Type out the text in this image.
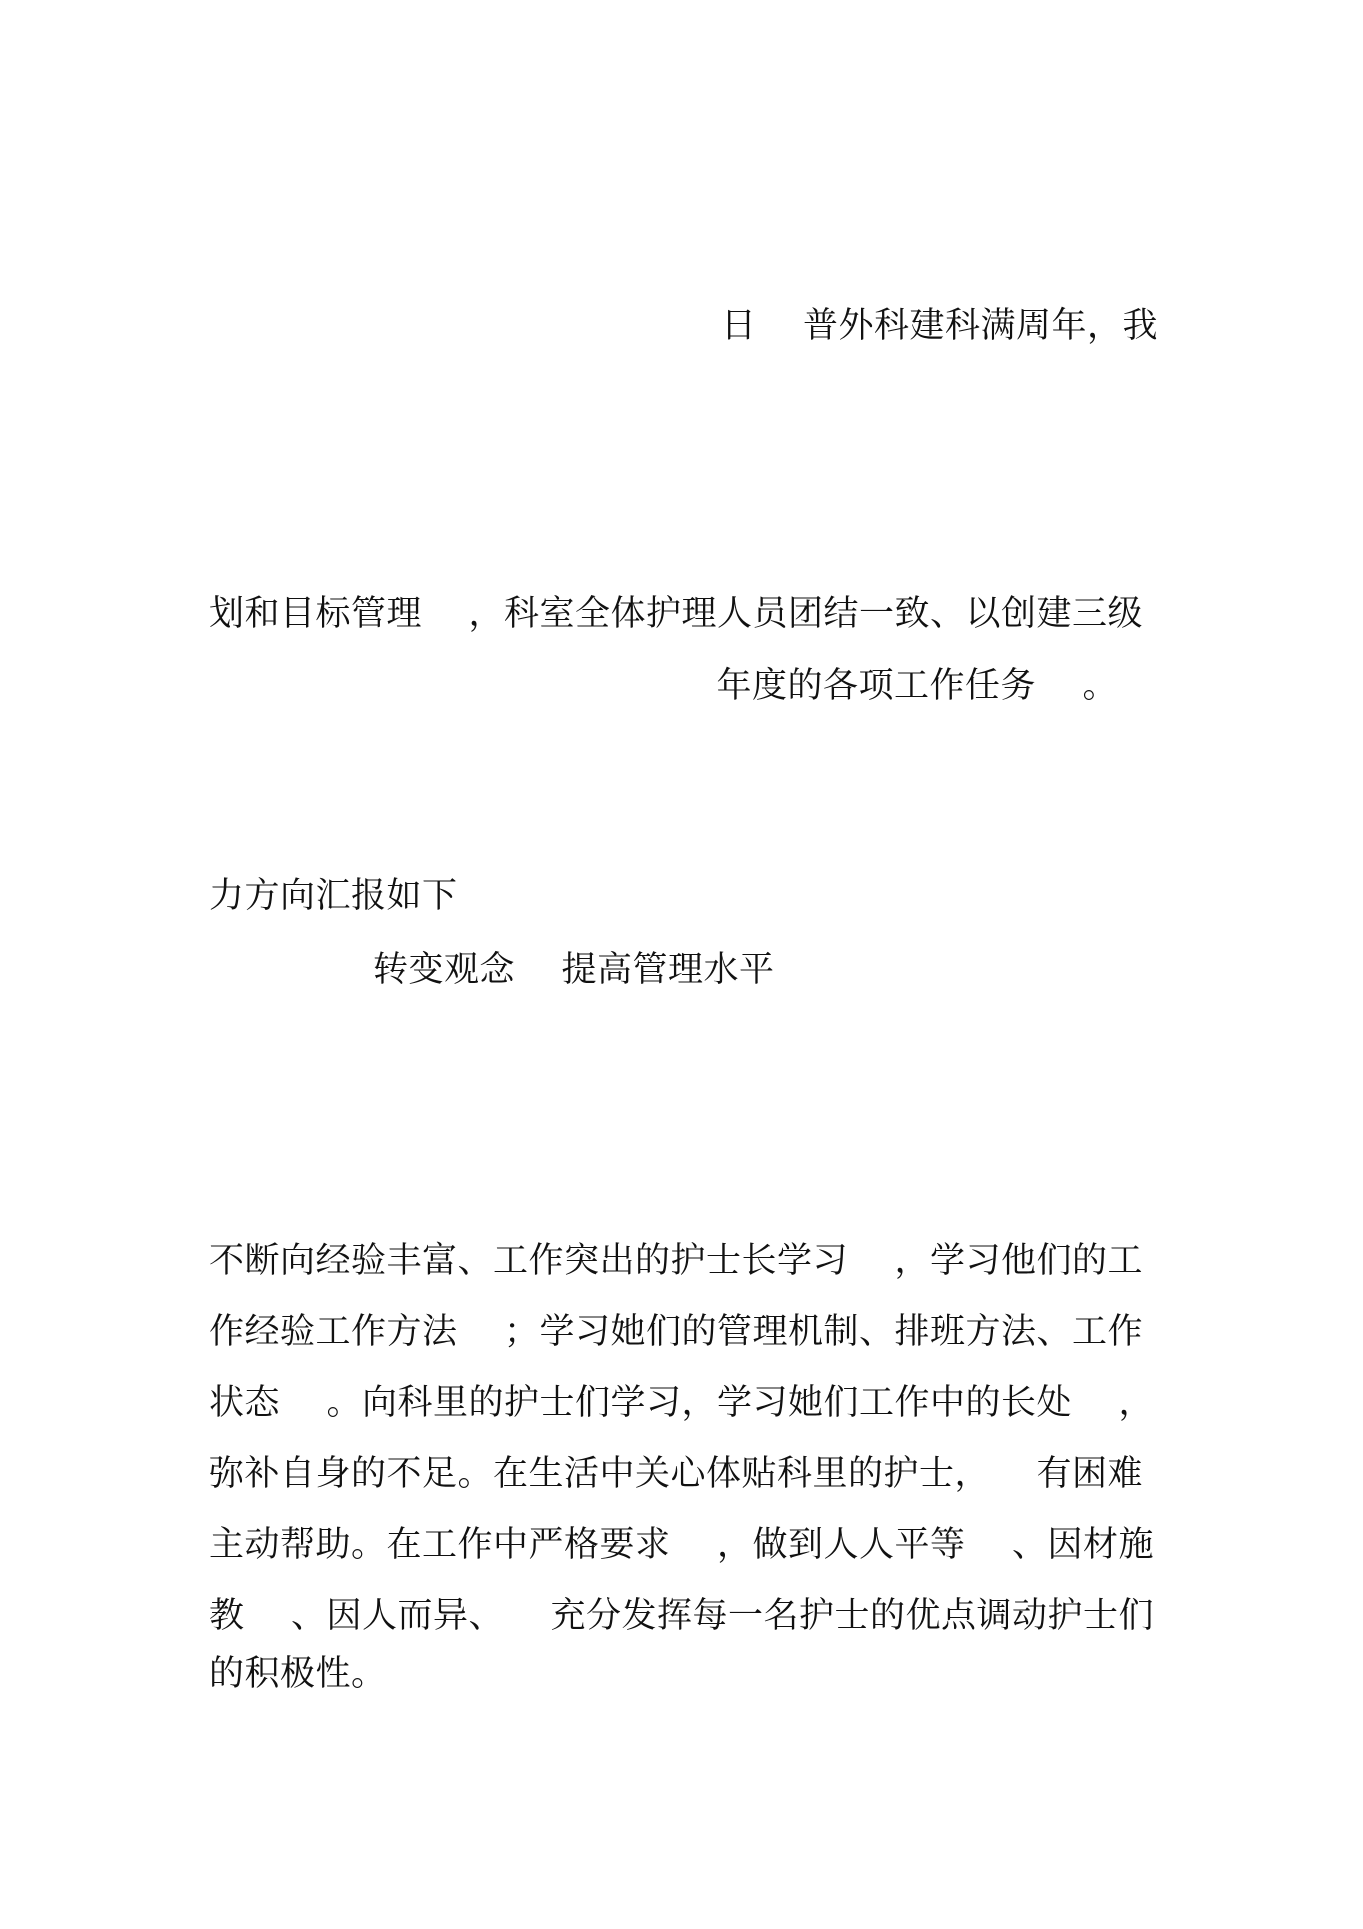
日    普外科建科满周年，我
划和目标管理    ，科室全体护理人员团结一致、以创建三级
年度的各项工作任务    。
力方向汇报如下
转变观念    提高管理水平
不断向经验丰富、工作突出的护士长学习    ，学习他们的工
作经验工作方法    ；学习她们的管理机制、排班方法、工作
状态    。向科里的护士们学习，学习她们工作中的长处    ，
弥补自身的不足。在生活中关心体贴科里的护士，    有困难
主动帮助。在工作中严格要求    ，做到人人平等    、因材施
教    、因人而异、    充分发挥每一名护士的优点调动护士们
的积极性。
